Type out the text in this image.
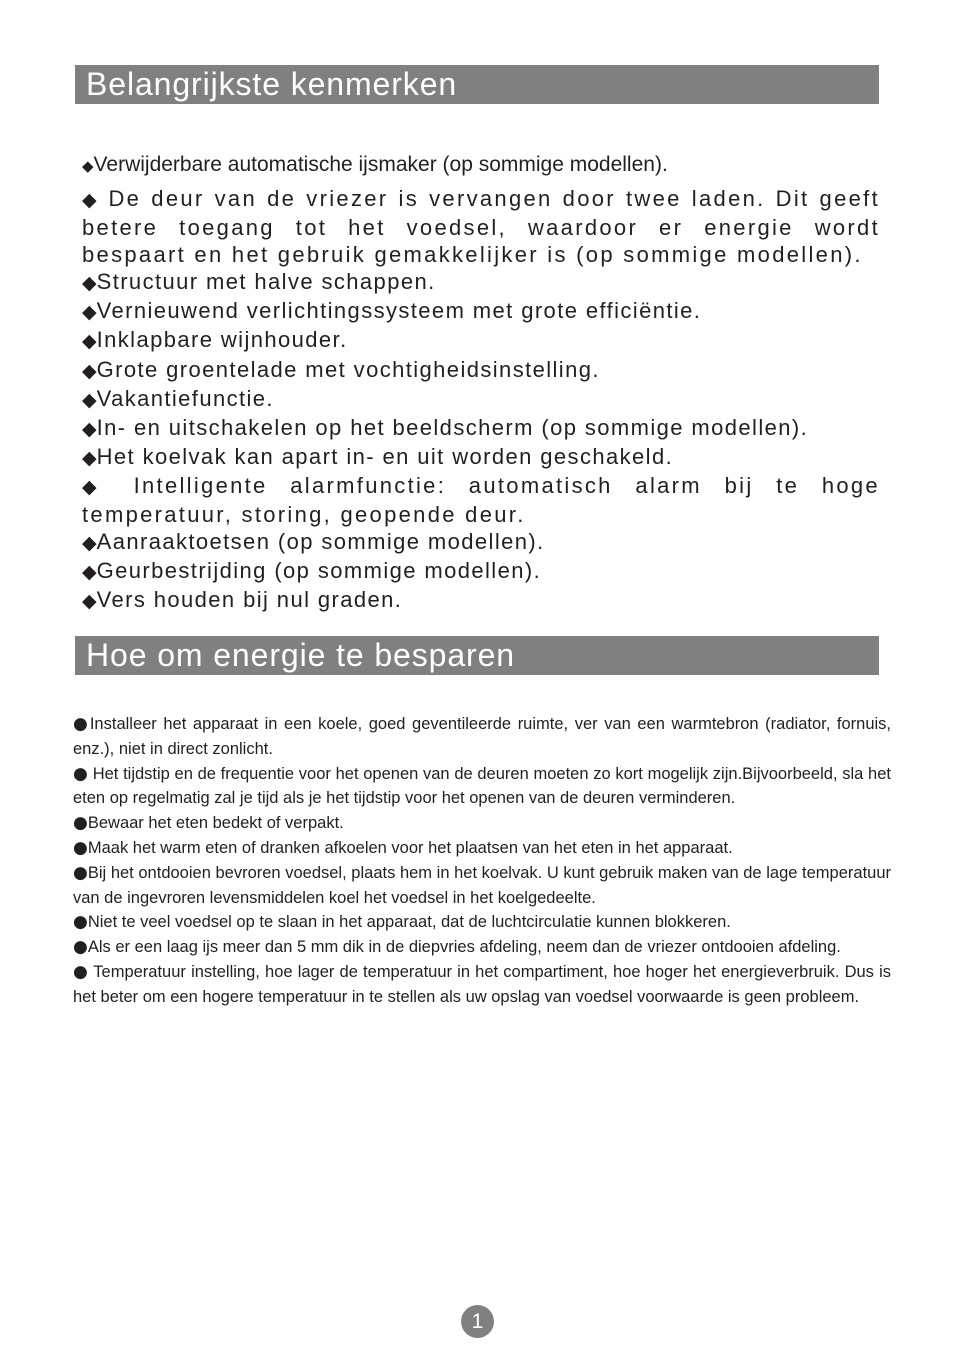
Belangrijkste kenmerken

◆Verwijderbare automatische ijsmaker (op sommige modellen).

◆ De deur van de vriezer is vervangen door twee laden. Dit geeft betere toegang tot het voedsel, waardoor er energie wordt bespaart en het gebruik gemakkelijker is (op sommige modellen).

◆Structuur met halve schappen.

◆Vernieuwend verlichtingssysteem met grote efficiëntie.

◆Inklapbare wijnhouder.

◆Grote groentelade met vochtigheidsinstelling.

◆Vakantiefunctie.

◆In- en uitschakelen op het beeldscherm (op sommige modellen).

◆Het koelvak kan apart in- en uit worden geschakeld.

◆ Intelligente alarmfunctie: automatisch alarm bij te hoge temperatuur, storing, geopende deur.

◆Aanraaktoetsen (op sommige modellen).

◆Geurbestrijding (op sommige modellen).

◆Vers houden bij nul graden.

Hoe om energie te besparen

●Installeer het apparaat in een koele, goed geventileerde ruimte, ver van een warmtebron (radiator, fornuis, enz.), niet in direct zonlicht.

● Het tijdstip en de frequentie voor het openen van de deuren moeten zo kort mogelijk zijn.Bijvoorbeeld, sla het eten op regelmatig zal je tijd als je het tijdstip voor het openen van de deuren verminderen.

●Bewaar het eten bedekt of verpakt.

●Maak het warm eten of dranken afkoelen voor het plaatsen van het eten in het apparaat.

●Bij het ontdooien bevroren voedsel, plaats hem in het koelvak. U kunt gebruik maken van de lage temperatuur van de ingevroren levensmiddelen koel het voedsel in het koelgedeelte.

●Niet te veel voedsel op te slaan in het apparaat, dat de luchtcirculatie kunnen blokkeren.

●Als er een laag ijs meer dan 5 mm dik in de diepvries afdeling, neem dan de vriezer ontdooien afdeling.

● Temperatuur instelling, hoe lager de temperatuur in het compartiment, hoe hoger het energieverbruik. Dus is het beter om een hogere temperatuur in te stellen als uw opslag van voedsel voorwaarde is geen probleem.

1
